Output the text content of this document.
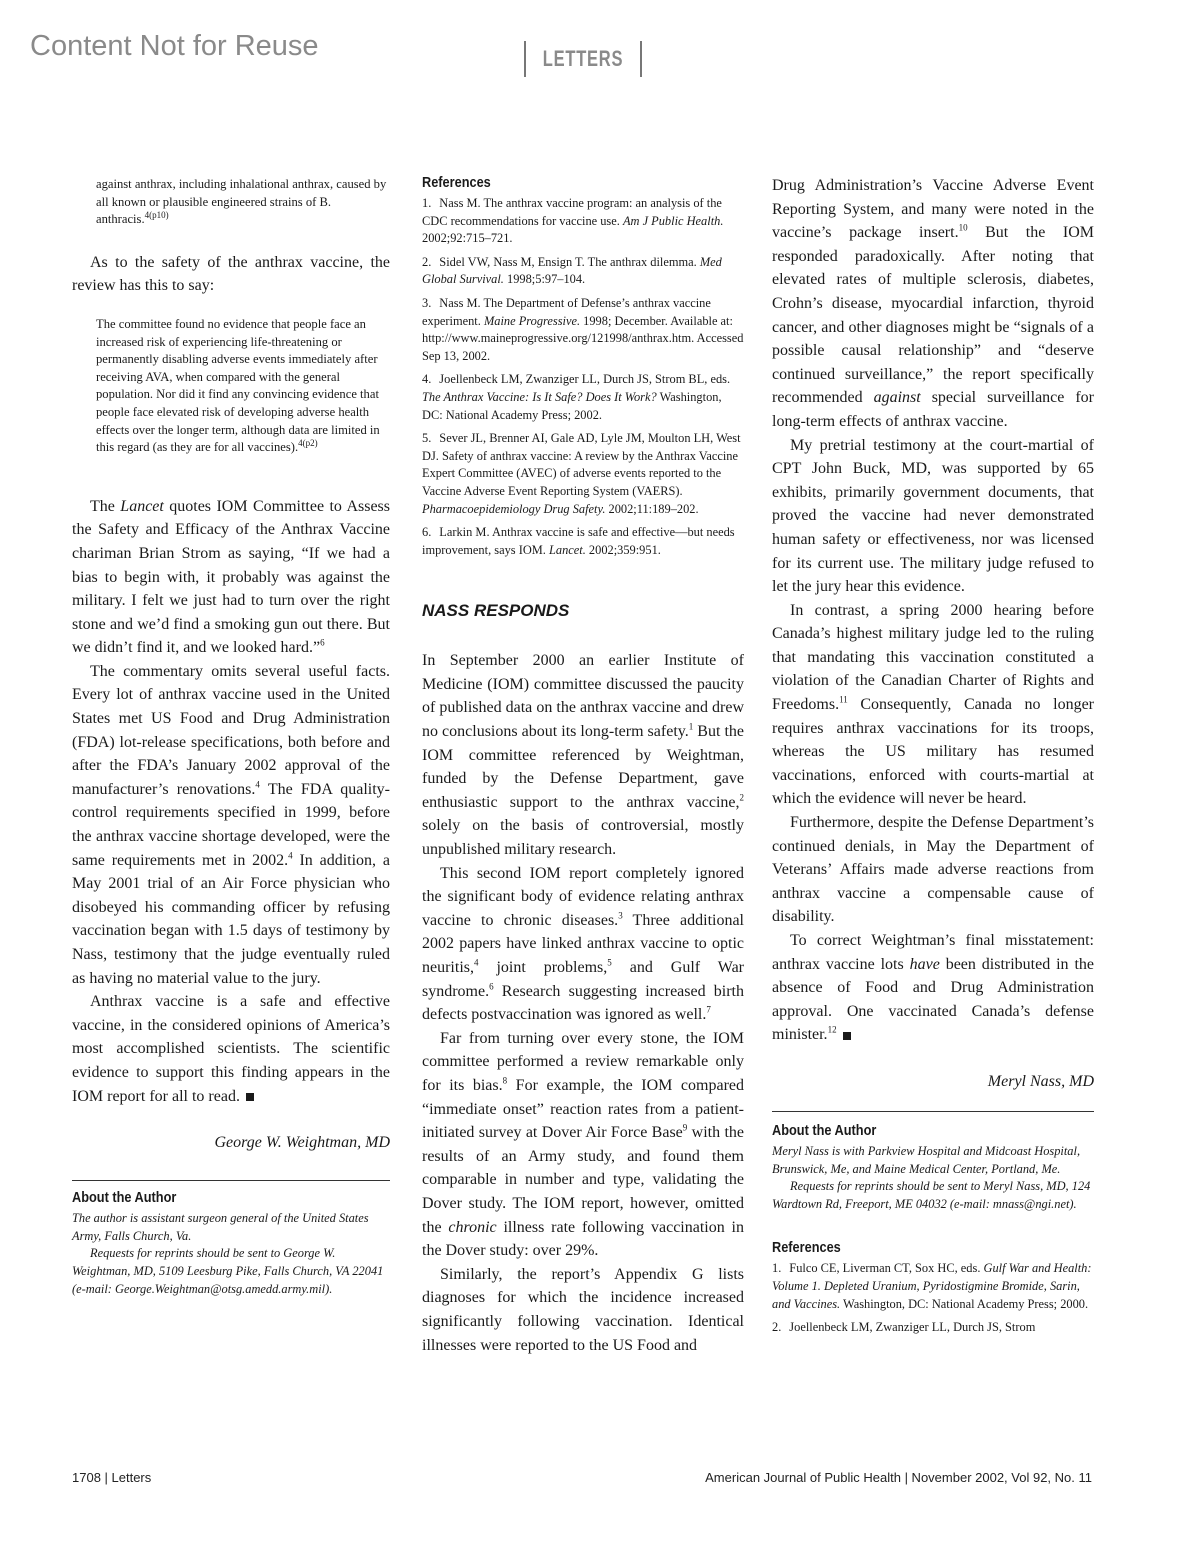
Content Not for Reuse	LETTERS

against anthrax, including inhalational anthrax, caused by all known or plausible engineered strains of B. anthracis.$^{4(p10)}$

As to the safety of the anthrax vaccine, the review has this to say:

The committee found no evidence that people face an increased risk of experiencing life-threatening or permanently disabling adverse events immediately after receiving AVA, when compared with the general population. Nor did it find any convincing evidence that people face elevated risk of developing adverse health effects over the longer term, although data are limited in this regard (as they are for all vaccines).$^{4(p2)}$

The Lancet quotes IOM Committee to Assess the Safety and Efficacy of the Anthrax Vaccine chariman Brian Strom as saying, “If we had a bias to begin with, it probably was against the military. I felt we just had to turn over the right stone and we’d find a smoking gun out there. But we didn’t find it, and we looked hard.”$^6$

The commentary omits several useful facts. Every lot of anthrax vaccine used in the United States met US Food and Drug Administration (FDA) lot-release specifications, both before and after the FDA’s January 2002 approval of the manufacturer’s renovations.$^4$ The FDA quality-control requirements specified in 1999, before the anthrax vaccine shortage developed, were the same requirements met in 2002.$^4$ In addition, a May 2001 trial of an Air Force physician who disobeyed his commanding officer by refusing vaccination began with 1.5 days of testimony by Nass, testimony that the judge eventually ruled as having no material value to the jury.

Anthrax vaccine is a safe and effective vaccine, in the considered opinions of America’s most accomplished scientists. The scientific evidence to support this finding appears in the IOM report for all to read.

George W. Weightman, MD

About the Author

The author is assistant surgeon general of the United States Army, Falls Church, Va.
Requests for reprints should be sent to George W. Weightman, MD, 5109 Leesburg Pike, Falls Church, VA 22041 (e-mail: George.Weightman@otsg.amedd.army.mil).

References

1. Nass M. The anthrax vaccine program: an analysis of the CDC recommendations for vaccine use. Am J Public Health. 2002;92:715–721.

2. Sidel VW, Nass M, Ensign T. The anthrax dilemma. Med Global Survival. 1998;5:97–104.

3. Nass M. The Department of Defense’s anthrax vaccine experiment. Maine Progressive. 1998; December. Available at: http://www.maineprogressive.org/121998/anthrax.htm. Accessed Sep 13, 2002.

4. Joellenbeck LM, Zwanziger LL, Durch JS, Strom BL, eds. The Anthrax Vaccine: Is It Safe? Does It Work? Washington, DC: National Academy Press; 2002.

5. Sever JL, Brenner AI, Gale AD, Lyle JM, Moulton LH, West DJ. Safety of anthrax vaccine: A review by the Anthrax Vaccine Expert Committee (AVEC) of adverse events reported to the Vaccine Adverse Event Reporting System (VAERS). Pharmacoepidemiology Drug Safety. 2002;11:189–202.

6. Larkin M. Anthrax vaccine is safe and effective—but needs improvement, says IOM. Lancet. 2002;359:951.

NASS RESPONDS

In September 2000 an earlier Institute of Medicine (IOM) committee discussed the paucity of published data on the anthrax vaccine and drew no conclusions about its long-term safety.$^1$ But the IOM committee referenced by Weightman, funded by the Defense Department, gave enthusiastic support to the anthrax vaccine,$^2$ solely on the basis of controversial, mostly unpublished military research.

This second IOM report completely ignored the significant body of evidence relating anthrax vaccine to chronic diseases.$^3$ Three additional 2002 papers have linked anthrax vaccine to optic neuritis,$^4$ joint problems,$^5$ and Gulf War syndrome.$^6$ Research suggesting increased birth defects postvaccination was ignored as well.$^7$

Far from turning over every stone, the IOM committee performed a review remarkable only for its bias.$^8$ For example, the IOM compared “immediate onset” reaction rates from a patient-initiated survey at Dover Air Force Base$^9$ with the results of an Army study, and found them comparable in number and type, validating the Dover study. The IOM report, however, omitted the chronic illness rate following vaccination in the Dover study: over 29%.

Similarly, the report’s Appendix G lists diagnoses for which the incidence increased significantly following vaccination. Identical illnesses were reported to the US Food and

Drug Administration’s Vaccine Adverse Event Reporting System, and many were noted in the vaccine’s package insert.$^{10}$ But the IOM responded paradoxically. After noting that elevated rates of multiple sclerosis, diabetes, Crohn’s disease, myocardial infarction, thyroid cancer, and other diagnoses might be “signals of a possible causal relationship” and “deserve continued surveillance,” the report specifically recommended against special surveillance for long-term effects of anthrax vaccine.

My pretrial testimony at the court-martial of CPT John Buck, MD, was supported by 65 exhibits, primarily government documents, that proved the vaccine had never demonstrated human safety or effectiveness, nor was licensed for its current use. The military judge refused to let the jury hear this evidence.

In contrast, a spring 2000 hearing before Canada’s highest military judge led to the ruling that mandating this vaccination constituted a violation of the Canadian Charter of Rights and Freedoms.$^{11}$ Consequently, Canada no longer requires anthrax vaccinations for its troops, whereas the US military has resumed vaccinations, enforced with courts-martial at which the evidence will never be heard.

Furthermore, despite the Defense Department’s continued denials, in May the Department of Veterans’ Affairs made adverse reactions from anthrax vaccine a compensable cause of disability.

To correct Weightman’s final misstatement: anthrax vaccine lots have been distributed in the absence of Food and Drug Administration approval. One vaccinated Canada’s defense minister.$^{12}$

Meryl Nass, MD

About the Author

Meryl Nass is with Parkview Hospital and Midcoast Hospital, Brunswick, Me, and Maine Medical Center, Portland, Me.
Requests for reprints should be sent to Meryl Nass, MD, 124 Wardtown Rd, Freeport, ME 04032 (e-mail: mnass@ngi.net).

References

1. Fulco CE, Liverman CT, Sox HC, eds. Gulf War and Health: Volume 1. Depleted Uranium, Pyridostigmine Bromide, Sarin, and Vaccines. Washington, DC: National Academy Press; 2000.

2. Joellenbeck LM, Zwanziger LL, Durch JS, Strom

1708 | Letters	American Journal of Public Health | November 2002, Vol 92, No. 11
